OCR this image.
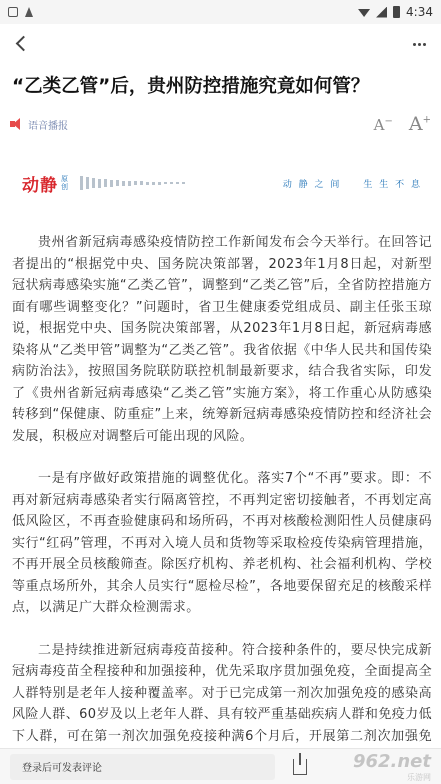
4:34
“乙类乙管”后，贵州防控措施究竟如何管？
语音播报	A− A+
动静 原
创	动 静 之 间 生 生 不 息

贵州省新冠病毒感染疫情防控工作新闻发布会今天举行。在回答记者提出的“根据党中央、国务院决策部署，2023年1月8日起，对新型冠状病毒感染实施“乙类乙管”，调整到“乙类乙管”后，全省防控措施方面有哪些调整变化？”问题时，省卫生健康委党组成员、副主任张玉琼说，根据党中央、国务院决策部署，从2023年1月8日起，新冠病毒感染将从“乙类甲管”调整为“乙类乙管”。我省依据《中华人民共和国传染病防治法》，按照国务院联防联控机制最新要求，结合我省实际，印发了《贵州省新冠病毒感染“乙类乙管”实施方案》，将工作重心从防感染转移到“保健康、防重症”上来，统筹新冠病毒感染疫情防控和经济社会发展，积极应对调整后可能出现的风险。

一是有序做好政策措施的调整优化。落实7个“不再”要求。即：不再对新冠病毒感染者实行隔离管控，不再判定密切接触者，不再划定高低风险区，不再查验健康码和场所码，不再对核酸检测阳性人员健康码实行“红码”管理，不再对入境人员和货物等采取检疫传染病管理措施，不再开展全员核酸筛查。除医疗机构、养老机构、社会福利机构、学校等重点场所外，其余人员实行“愿检尽检”，各地要保留充足的核酸采样点，以满足广大群众检测需求。

二是持续推进新冠病毒疫苗接种。符合接种条件的，要尽快完成新冠病毒疫苗全程接种和加强接种，优先采取序贯加强免疫，全面提高全人群特别是老年人接种覆盖率。对于已完成第一剂次加强免疫的感染高风险人群、60岁及以上老年人群、具有较严重基础疾病人群和免疫力低下人群，可在第一剂次加强免疫接种满6个月后，开展第二剂次加强免

登录后可发表评论	962.net
乐游网
